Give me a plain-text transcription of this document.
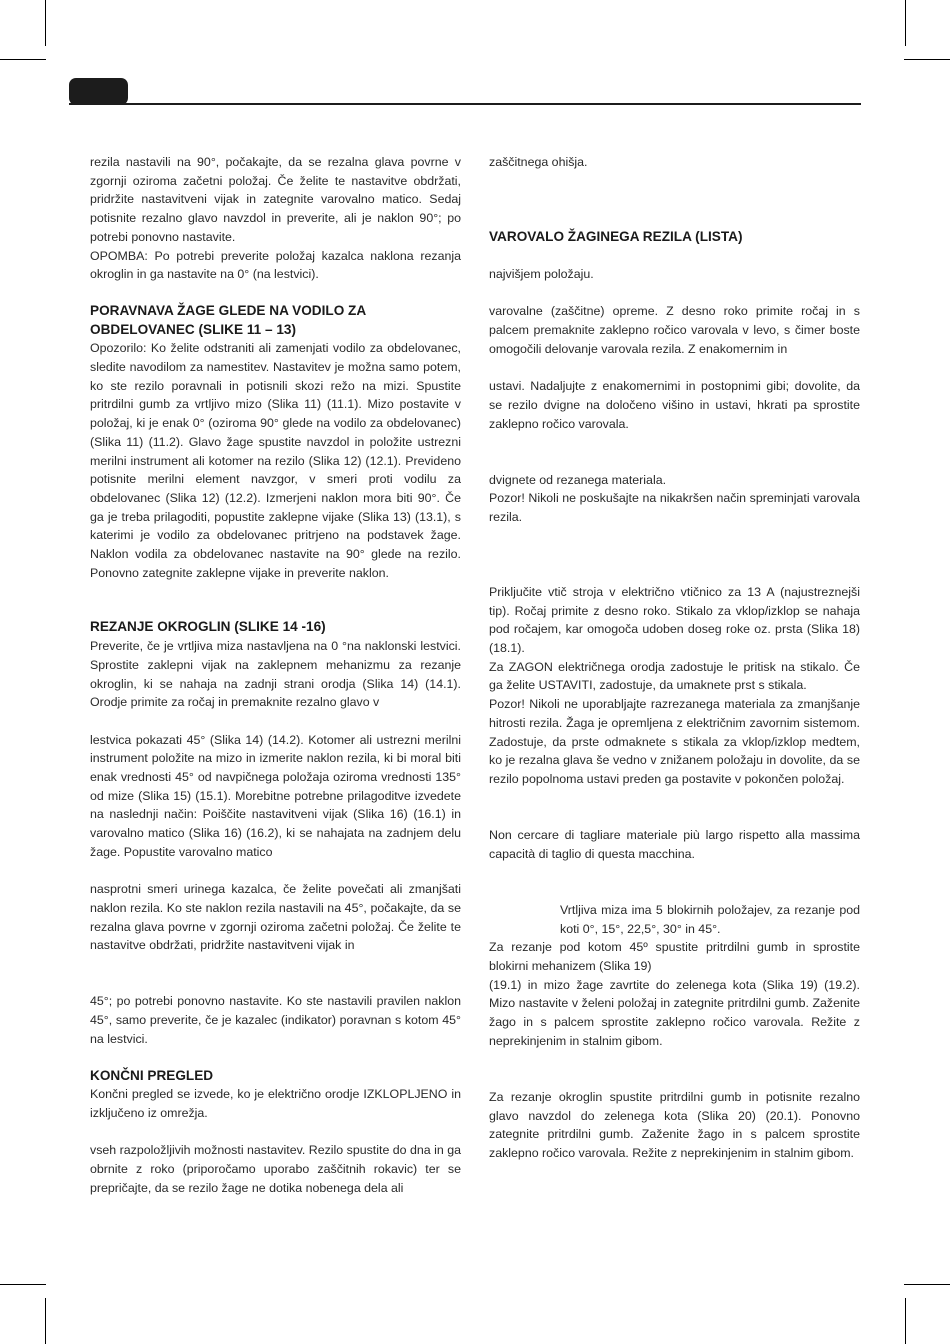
rezila nastavili na 90°, počakajte, da se rezalna glava povrne v zgornji oziroma začetni položaj. Če želite te nastavitve obdržati, pridržite nastavitveni vijak in zategnite varovalno matico. Sedaj potisnite rezalno glavo navzdol in preverite, ali je naklon 90°; po potrebi ponovno nastavite.

OPOMBA: Po potrebi preverite položaj kazalca naklona rezanja okroglin in ga nastavite na 0° (na lestvici).

PORAVNAVA ŽAGE GLEDE NA VODILO ZA
OBDELOVANEC (SLIKE 11 – 13)

Opozorilo: Ko želite odstraniti ali zamenjati vodilo za obdelovanec, sledite navodilom za namestitev. Nastavitev je možna samo potem, ko ste rezilo poravnali in potisnili skozi režo na mizi. Spustite pritrdilni gumb za vrtljivo mizo (Slika 11) (11.1). Mizo postavite v položaj, ki je enak 0° (oziroma 90° glede na vodilo za obdelovanec) (Slika 11) (11.2). Glavo žage spustite navzdol in položite ustrezni merilni instrument ali kotomer na rezilo (Slika 12) (12.1). Prevideno potisnite merilni element navzgor, v smeri proti vodilu za obdelovanec (Slika 12) (12.2). Izmerjeni naklon mora biti 90°. Če ga je treba prilagoditi, popustite zaklepne vijake (Slika 13) (13.1), s katerimi je vodilo za obdelovanec pritrjeno na podstavek žage. Naklon vodila za obdelovanec nastavite na 90° glede na rezilo. Ponovno zategnite zaklepne vijake in preverite naklon.

REZANJE OKROGLIN (SLIKE 14 -16)

Preverite, če je vrtljiva miza nastavljena na 0 °na naklonski lestvici. Sprostite zaklepni vijak na zaklepnem mehanizmu za rezanje okroglin, ki se nahaja na zadnji strani orodja (Slika 14) (14.1). Orodje primite za ročaj in premaknite rezalno glavo v

lestvica pokazati 45° (Slika 14) (14.2). Kotomer ali ustrezni merilni instrument položite na mizo in izmerite naklon rezila, ki bi moral biti enak vrednosti 45° od navpičnega položaja oziroma vrednosti 135° od mize (Slika 15) (15.1). Morebitne potrebne prilagoditve izvedete na naslednji način: Poiščite nastavitveni vijak (Slika 16) (16.1) in varovalno matico (Slika 16) (16.2), ki se nahajata na zadnjem delu žage. Popustite varovalno matico

nasprotni smeri urinega kazalca, če želite povečati ali zmanjšati naklon rezila. Ko ste naklon rezila nastavili na 45°, počakajte, da se rezalna glava povrne v zgornji oziroma začetni položaj. Če želite te nastavitve obdržati, pridržite nastavitveni vijak in

45°; po potrebi ponovno nastavite. Ko ste nastavili pravilen naklon 45°, samo preverite, če je kazalec (indikator) poravnan s kotom 45° na lestvici.

KONČNI PREGLED

Končni pregled se izvede, ko je električno orodje IZKLOPLJENO in izključeno iz omrežja.

vseh razpoložljivih možnosti nastavitev. Rezilo spustite do dna in ga obrnite z roko (priporočamo uporabo zaščitnih rokavic) ter se prepričajte, da se rezilo žage ne dotika nobenega dela ali

zaščitnega ohišja.

VAROVALO ŽAGINEGA REZILA (LISTA)

najvišjem položaju.

varovalne (zaščitne) opreme. Z desno roko primite ročaj in s palcem premaknite zaklepno ročico varovala v levo, s čimer boste omogočili delovanje varovala rezila. Z enakomernim in

ustavi. Nadaljujte z enakomernimi in postopnimi gibi; dovolite, da se rezilo dvigne na določeno višino in ustavi, hkrati pa sprostite zaklepno ročico varovala.

dvignete od rezanega materiala.

Pozor! Nikoli ne poskušajte na nikakršen način spreminjati varovala rezila.

Priključite vtič stroja v električno vtičnico za 13 A (najustreznejši tip). Ročaj primite z desno roko. Stikalo za vklop/izklop se nahaja pod ročajem, kar omogoča udoben doseg roke oz. prsta (Slika 18) (18.1).

Za ZAGON električnega orodja zadostuje le pritisk na stikalo. Če ga želite USTAVITI, zadostuje, da umaknete prst s stikala.

Pozor! Nikoli ne uporabljajte razrezanega materiala za zmanjšanje hitrosti rezila. Žaga je opremljena z električnim zavornim sistemom. Zadostuje, da prste odmaknete s stikala za vklop/izklop medtem, ko je rezalna glava še vedno v znižanem položaju in dovolite, da se rezilo popolnoma ustavi preden ga postavite v pokončen položaj.

Non cercare di tagliare materiale più largo rispetto alla massima capacità di taglio di questa macchina.

Vrtljiva miza ima 5 blokirnih položajev, za rezanje pod koti 0°, 15°, 22,5°, 30° in 45°.

Za rezanje pod kotom 45º spustite pritrdilni gumb in sprostite blokirni mehanizem (Slika 19)

(19.1) in mizo žage zavrtite do zelenega kota (Slika 19) (19.2). Mizo nastavite v želeni položaj in zategnite pritrdilni gumb. Zaženite žago in s palcem sprostite zaklepno ročico varovala. Režite z neprekinjenim in stalnim gibom.

Za rezanje okroglin spustite pritrdilni gumb in potisnite rezalno glavo navzdol do zelenega kota (Slika 20) (20.1). Ponovno zategnite pritrdilni gumb. Zaženite žago in s palcem sprostite zaklepno ročico varovala. Režite z neprekinjenim in stalnim gibom.
